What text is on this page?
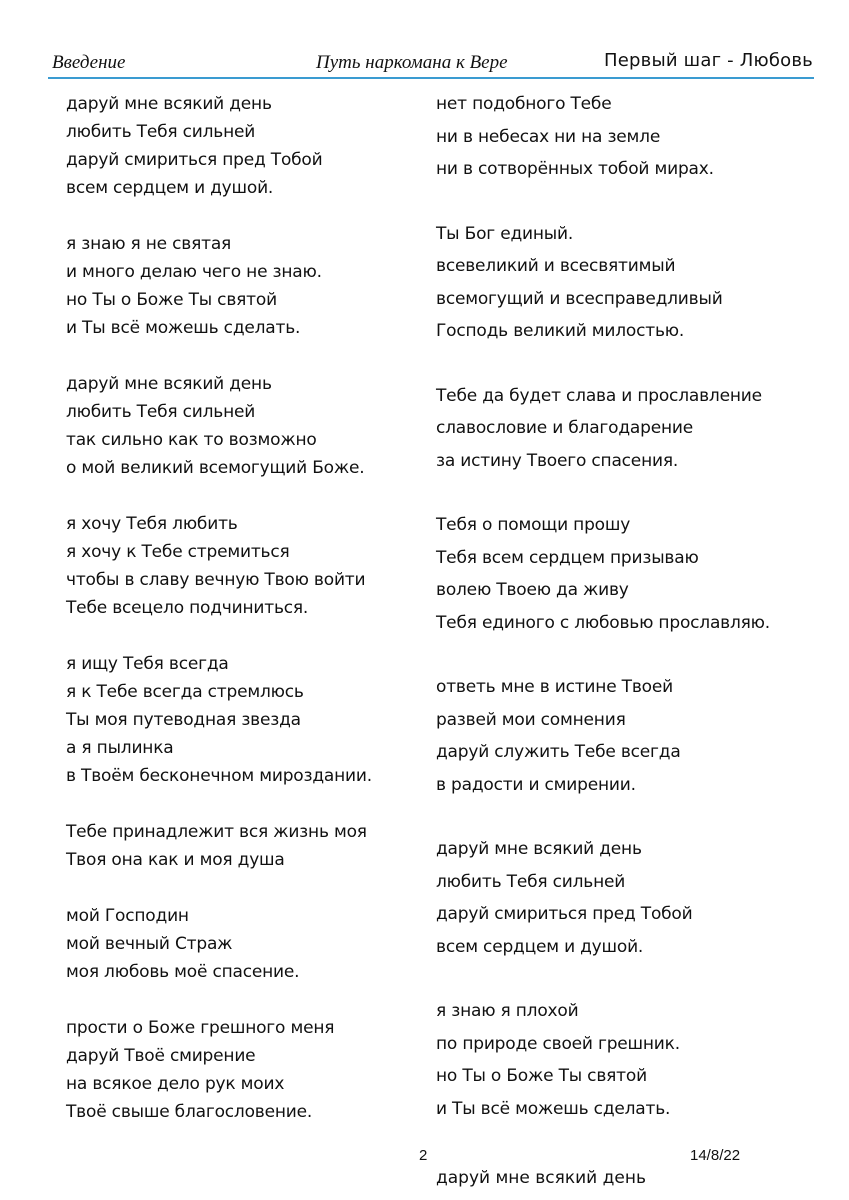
Введение	Путь наркомана к Вере	Первый шаг - Любовь
даруй мне всякий день
любить Тебя сильней
даруй смириться пред Тобой
всем сердцем и душой.
я знаю я не святая
и много делаю чего не знаю.
но Ты о Боже Ты святой
и Ты всё можешь сделать.
даруй мне всякий день
любить Тебя сильней
так сильно как то возможно
о мой великий всемогущий Боже.
я хочу Тебя любить
я хочу к Тебе стремиться
чтобы в славу вечную Твою войти
Тебе всецело подчиниться.
я ищу Тебя всегда
я к Тебе всегда стремлюсь
Ты моя путеводная звезда
а я пылинка
в Твоём бесконечном мироздании.
Тебе принадлежит вся жизнь моя
Твоя она как и моя душа
мой Господин
мой вечный Страж
моя любовь моё спасение.
прости о Боже грешного меня
даруй Твоё смирение
на всякое дело рук моих
Твоё свыше благословение.
нет подобного Тебе
ни в небесах ни на земле
ни в сотворённых тобой мирах.
Ты Бог единый.
всевеликий и всесвятимый
всемогущий и всесправедливый
Господь великий милостью.
Тебе да будет слава и прославление
славословие и благодарение
за истину Твоего спасения.
Тебя о помощи прошу
Тебя всем сердцем призываю
волею Твоею да живу
Тебя единого с любовью прославляю.
ответь мне в истине Твоей
развей мои сомнения
даруй служить Тебе всегда
в радости и смирении.
даруй мне всякий день
любить Тебя сильней
даруй смириться пред Тобой
всем сердцем и душой.
я знаю я плохой
по природе своей грешник.
но Ты о Боже Ты святой
и Ты всё можешь сделать.
2	14/8/22
даруй мне всякий день
